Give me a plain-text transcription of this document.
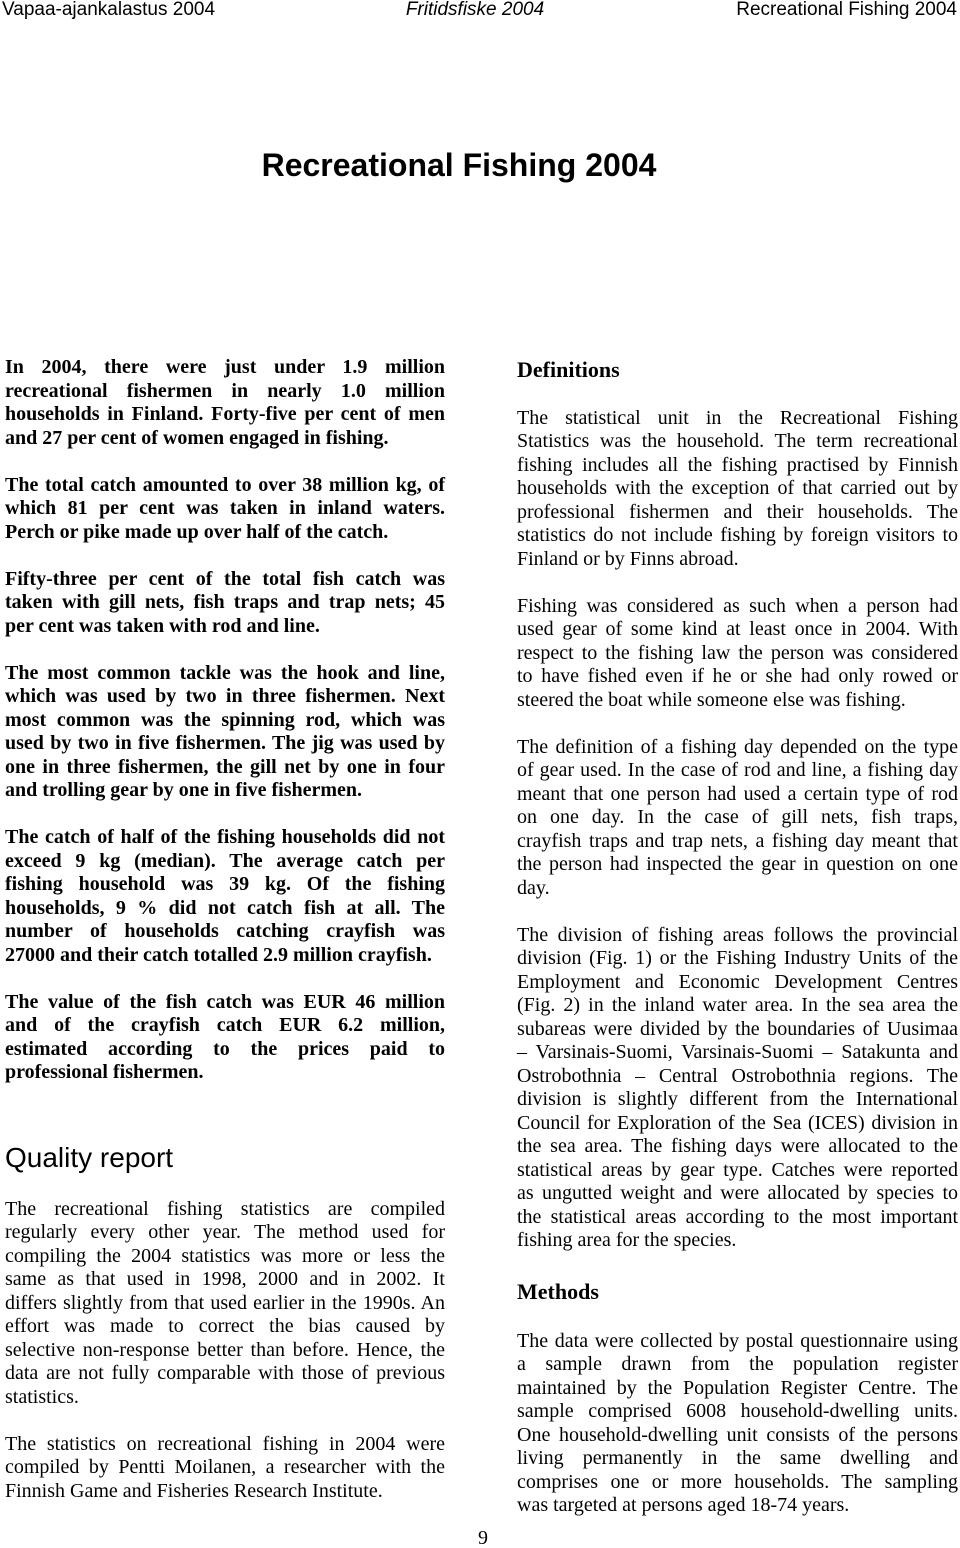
Vapaa-ajankalastus 2004	Fritidsfiske 2004	Recreational Fishing 2004
Recreational Fishing 2004

In 2004, there were just under 1.9 million
recreational fishermen in nearly 1.0 million
households in Finland. Forty-five per cent of men
and 27 per cent of women engaged in fishing.

The total catch amounted to over 38 million kg, of
which 81 per cent was taken in inland waters.
Perch or pike made up over half of the catch.

Fifty-three per cent of the total fish catch was
taken with gill nets, fish traps and trap nets; 45
per cent was taken with rod and line.

The most common tackle was the hook and line,
which was used by two in three fishermen. Next
most common was the spinning rod, which was
used by two in five fishermen. The jig was used by
one in three fishermen, the gill net by one in four
and trolling gear by one in five fishermen.

The catch of half of the fishing households did not
exceed 9 kg (median). The average catch per
fishing household was 39 kg. Of the fishing
households, 9 % did not catch fish at all. The
number of households catching crayfish was
27000 and their catch totalled 2.9 million crayfish.

The value of the fish catch was EUR 46 million
and of the crayfish catch EUR 6.2 million,
estimated according to the prices paid to
professional fishermen.

Quality report

The recreational fishing statistics are compiled
regularly every other year. The method used for
compiling the 2004 statistics was more or less the
same as that used in 1998, 2000 and in 2002. It
differs slightly from that used earlier in the 1990s. An
effort was made to correct the bias caused by
selective non-response better than before. Hence, the
data are not fully comparable with those of previous
statistics.

The statistics on recreational fishing in 2004 were
compiled by Pentti Moilanen, a researcher with the
Finnish Game and Fisheries Research Institute.

Definitions

The statistical unit in the Recreational Fishing
Statistics was the household. The term recreational
fishing includes all the fishing practised by Finnish
households with the exception of that carried out by
professional fishermen and their households. The
statistics do not include fishing by foreign visitors to
Finland or by Finns abroad.

Fishing was considered as such when a person had
used gear of some kind at least once in 2004. With
respect to the fishing law the person was considered
to have fished even if he or she had only rowed or
steered the boat while someone else was fishing.

The definition of a fishing day depended on the type
of gear used. In the case of rod and line, a fishing day
meant that one person had used a certain type of rod
on one day. In the case of gill nets, fish traps,
crayfish traps and trap nets, a fishing day meant that
the person had inspected the gear in question on one
day.

The division of fishing areas follows the provincial
division (Fig. 1) or the Fishing Industry Units of the
Employment and Economic Development Centres
(Fig. 2) in the inland water area. In the sea area the
subareas were divided by the boundaries of Uusimaa
– Varsinais-Suomi, Varsinais-Suomi – Satakunta and
Ostrobothnia – Central Ostrobothnia regions. The
division is slightly different from the International
Council for Exploration of the Sea (ICES) division in
the sea area. The fishing days were allocated to the
statistical areas by gear type. Catches were reported
as ungutted weight and were allocated by species to
the statistical areas according to the most important
fishing area for the species.

Methods

The data were collected by postal questionnaire using
a sample drawn from the population register
maintained by the Population Register Centre. The
sample comprised 6008 household-dwelling units.
One household-dwelling unit consists of the persons
living permanently in the same dwelling and
comprises one or more households. The sampling
was targeted at persons aged 18-74 years.

9
